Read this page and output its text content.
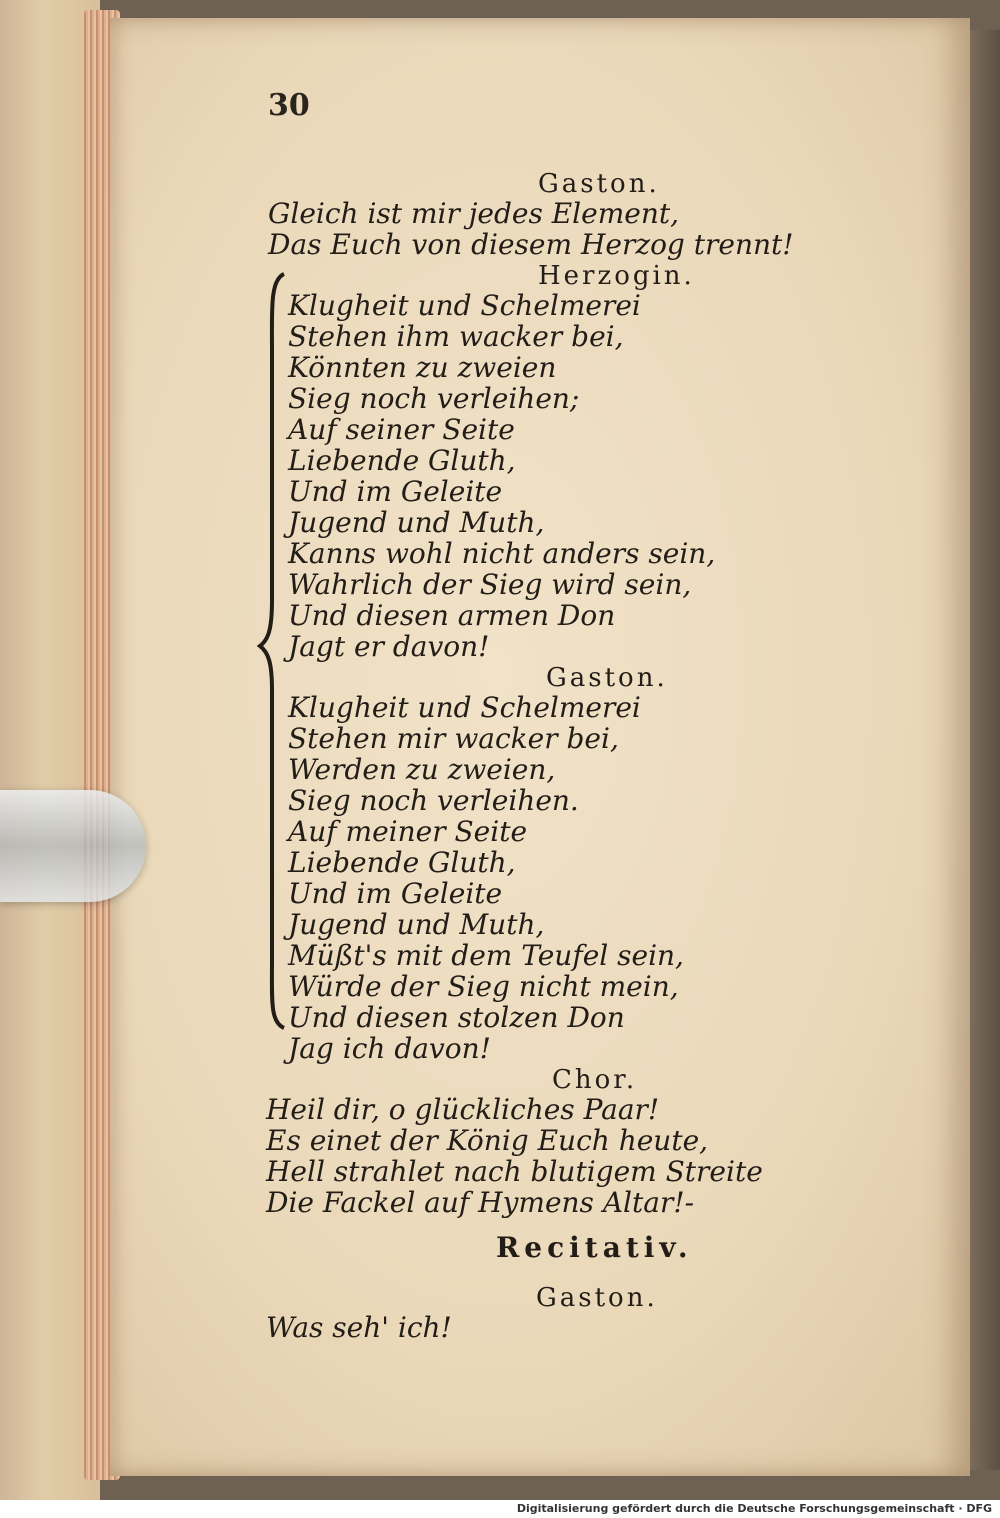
30
Gaston.
Gleich ist mir jedes Element,
Das Euch von diesem Herzog trennt!
Herzogin.
Klugheit und Schelmerei
Stehen ihm wacker bei,
Könnten zu zweien
Sieg noch verleihen;
Auf seiner Seite
Liebende Gluth,
Und im Geleite
Jugend und Muth,
Kanns wohl nicht anders sein,
Wahrlich der Sieg wird sein,
Und diesen armen Don
Jagt er davon!
Gaston.
Klugheit und Schelmerei
Stehen mir wacker bei,
Werden zu zweien,
Sieg noch verleihen.
Auf meiner Seite
Liebende Gluth,
Und im Geleite
Jugend und Muth,
Müßt's mit dem Teufel sein,
Würde der Sieg nicht mein,
Und diesen stolzen Don
Jag ich davon!
Chor.
Heil dir, o glückliches Paar!
Es einet der König Euch heute,
Hell strahlet nach blutigem Streite
Die Fackel auf Hymens Altar!-
Recitativ.
Gaston.
Was seh' ich!
Digitalisierung gefördert durch die Deutsche Forschungsgemeinschaft · DFG
